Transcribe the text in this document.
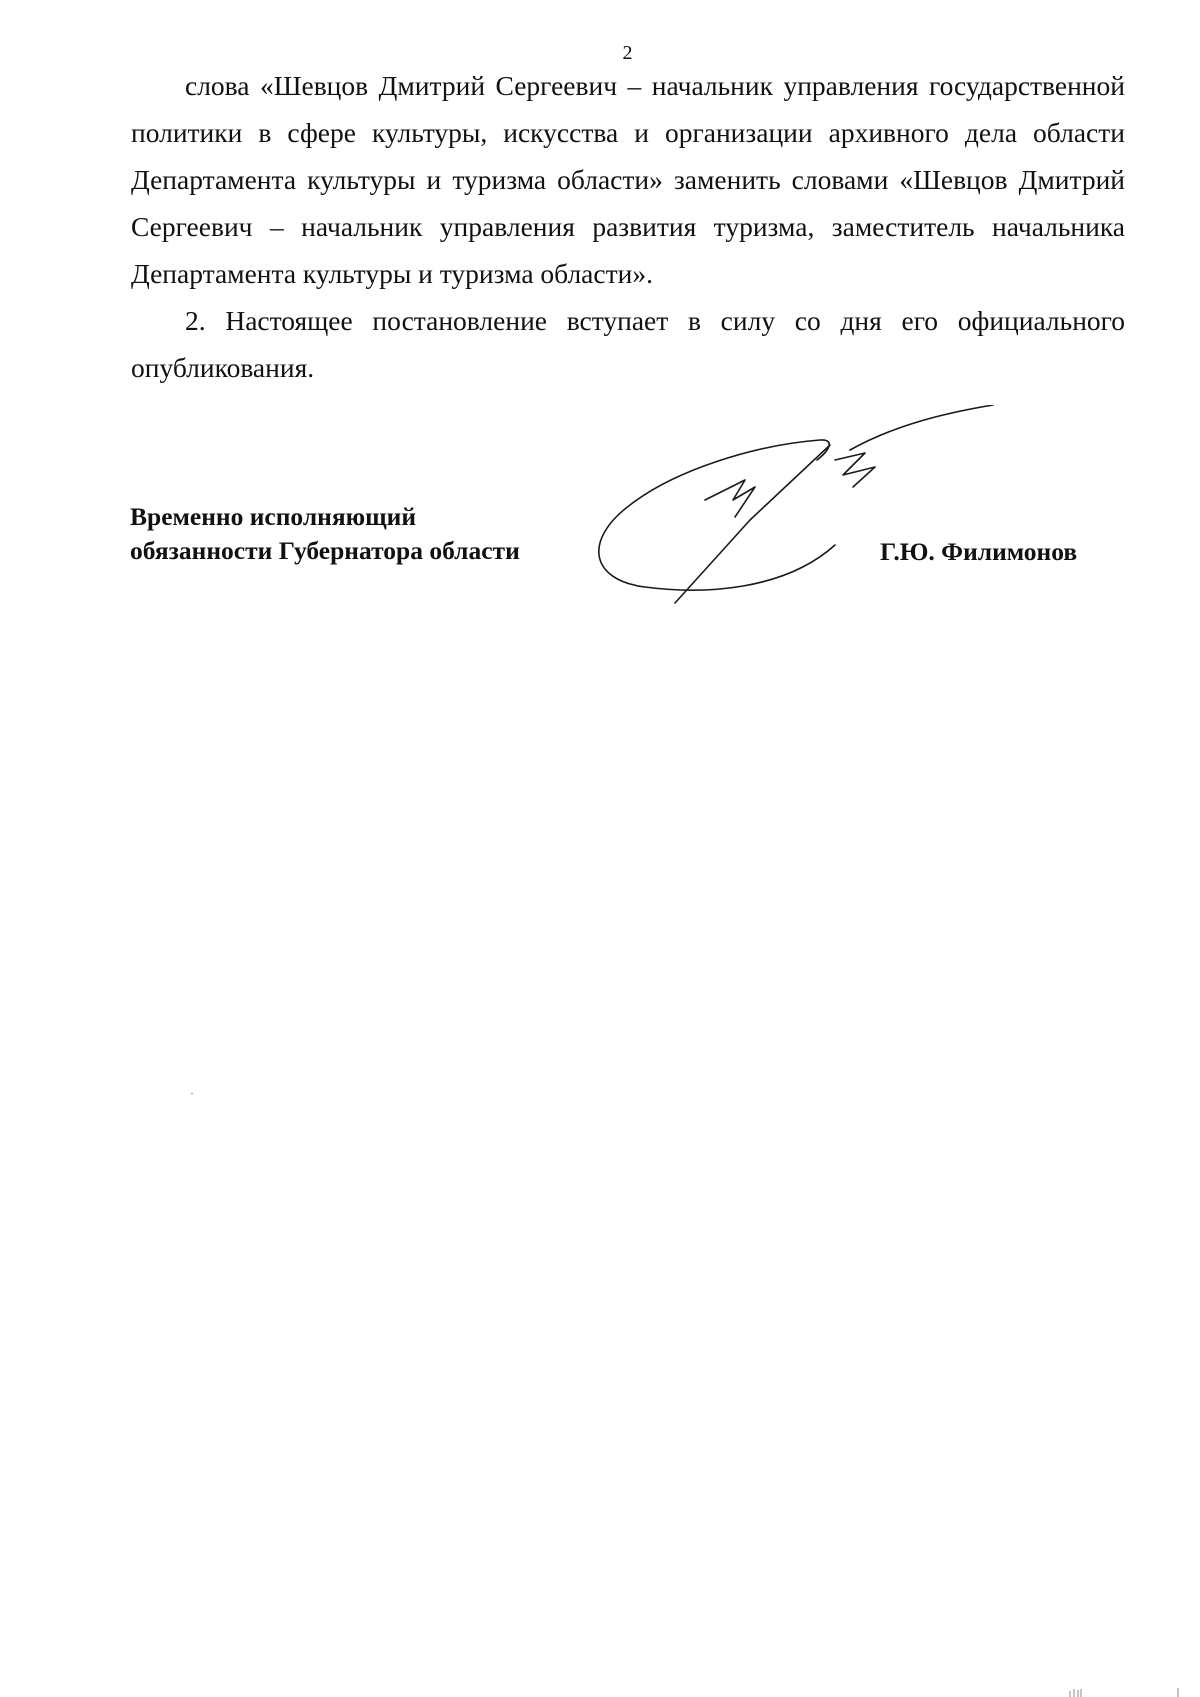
2

слова «Шевцов Дмитрий Сергеевич – начальник управления государственной политики в сфере культуры, искусства и организации архивного дела области Департамента культуры и туризма области» заменить словами «Шевцов Дмитрий Сергеевич – начальник управления развития туризма, заместитель начальника Департамента культуры и туризма области».

2. Настоящее постановление вступает в силу со дня его официального опубликования.

Временно исполняющий
обязанности Губернатора области	Г.Ю. Филимонов
